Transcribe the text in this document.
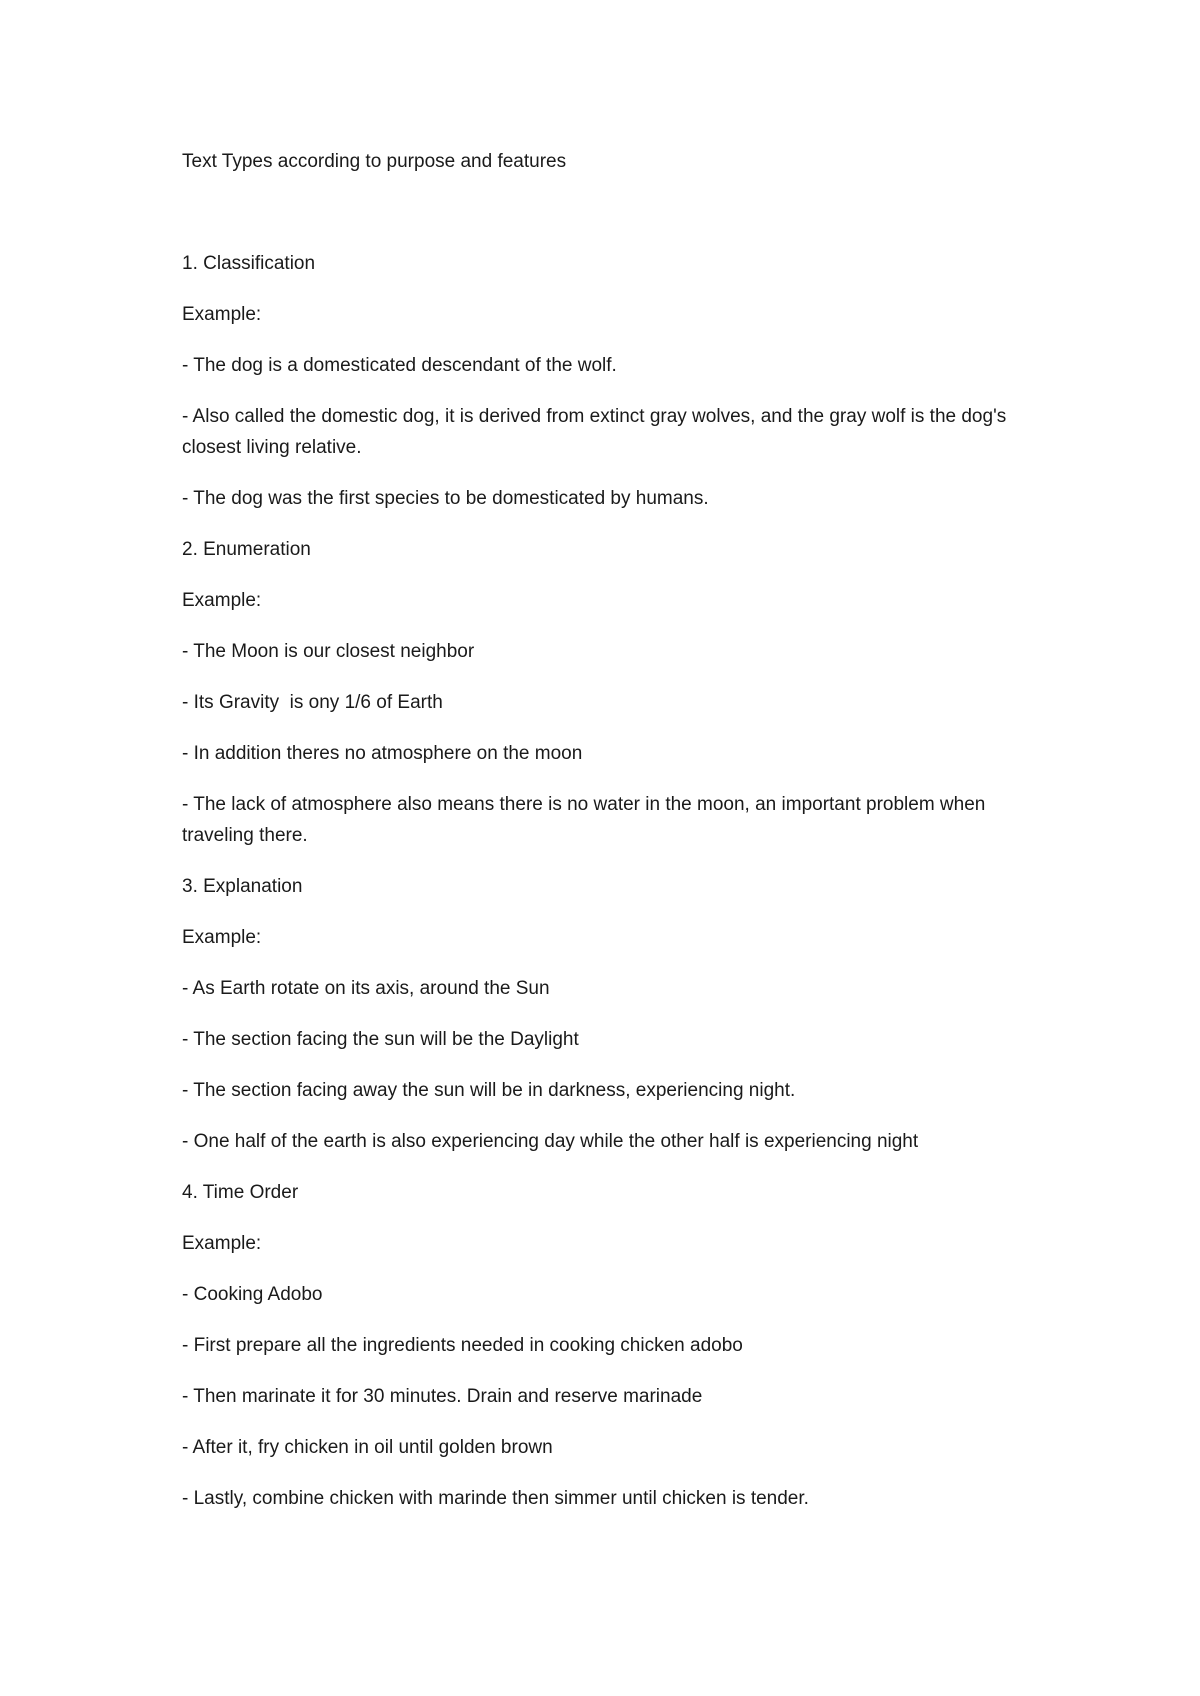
Text Types according to purpose and features

1. Classification

Example:

- The dog is a domesticated descendant of the wolf.

- Also called the domestic dog, it is derived from extinct gray wolves, and the gray wolf is the dog's closest living relative.

- The dog was the first species to be domesticated by humans.

2. Enumeration

Example:

- The Moon is our closest neighbor

- Its Gravity  is ony 1/6 of Earth

- In addition theres no atmosphere on the moon

- The lack of atmosphere also means there is no water in the moon, an important problem when traveling there.

3. Explanation

Example:

- As Earth rotate on its axis, around the Sun

- The section facing the sun will be the Daylight

- The section facing away the sun will be in darkness, experiencing night.

- One half of the earth is also experiencing day while the other half is experiencing night

4. Time Order

Example:

- Cooking Adobo

- First prepare all the ingredients needed in cooking chicken adobo

- Then marinate it for 30 minutes. Drain and reserve marinade

- After it, fry chicken in oil until golden brown

- Lastly, combine chicken with marinde then simmer until chicken is tender.
